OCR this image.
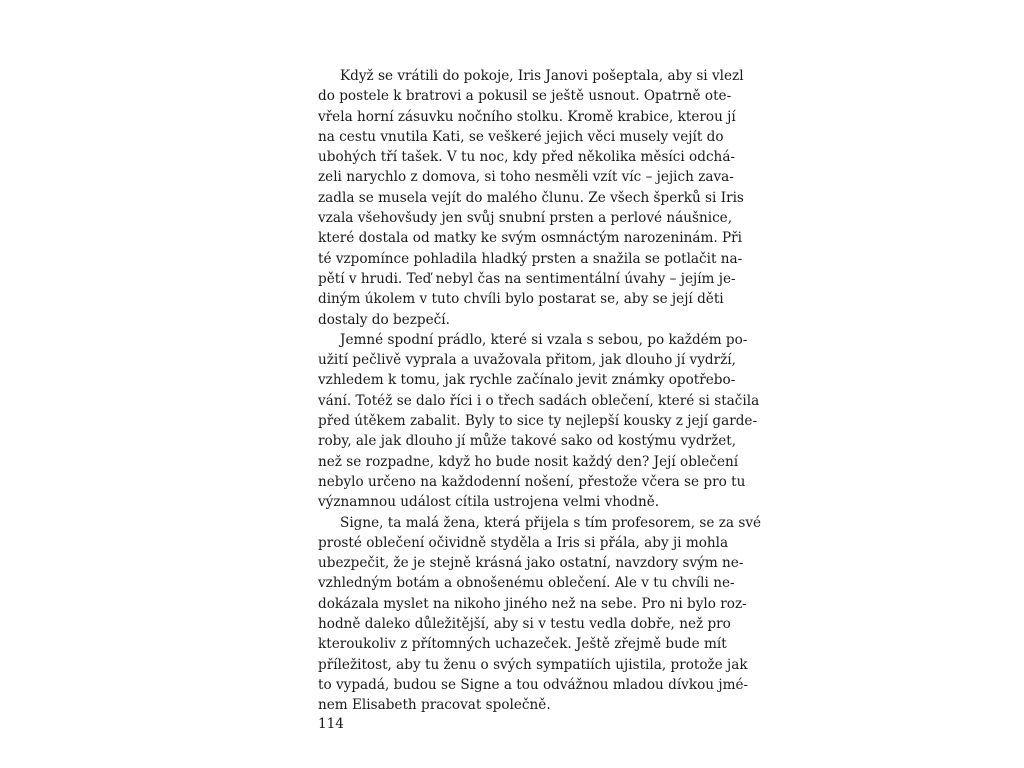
Když se vrátili do pokoje, Iris Janovi pošeptala, aby si vlezl
do postele k bratrovi a pokusil se ještě usnout. Opatrně ote-
vřela horní zásuvku nočního stolku. Kromě krabice, kterou jí
na cestu vnutila Kati, se veškeré jejich věci musely vejít do
ubohých tří tašek. V tu noc, kdy před několika měsíci odchá-
zeli narychlo z domova, si toho nesměli vzít víc – jejich zava-
zadla se musela vejít do malého člunu. Ze všech šperků si Iris
vzala všehovšudy jen svůj snubní prsten a perlové náušnice,
které dostala od matky ke svým osmnáctým narozeninám. Při
té vzpomínce pohladila hladký prsten a snažila se potlačit na-
pětí v hrudi. Teď nebyl čas na sentimentální úvahy – jejím je-
diným úkolem v tuto chvíli bylo postarat se, aby se její děti
dostaly do bezpečí.

Jemné spodní prádlo, které si vzala s sebou, po každém po-
užití pečlivě vyprala a uvažovala přitom, jak dlouho jí vydrží,
vzhledem k tomu, jak rychle začínalo jevit známky opotřebo-
vání. Totéž se dalo říci i o třech sadách oblečení, které si stačila
před útěkem zabalit. Byly to sice ty nejlepší kousky z její garde-
roby, ale jak dlouho jí může takové sako od kostýmu vydržet,
než se rozpadne, když ho bude nosit každý den? Její oblečení
nebylo určeno na každodenní nošení, přestože včera se pro tu
významnou událost cítila ustrojena velmi vhodně.

Signe, ta malá žena, která přijela s tím profesorem, se za své
prosté oblečení očividně styděla a Iris si přála, aby ji mohla
ubezpečit, že je stejně krásná jako ostatní, navzdory svým ne-
vzhledným botám a obnošenému oblečení. Ale v tu chvíli ne-
dokázala myslet na nikoho jiného než na sebe. Pro ni bylo roz-
hodně daleko důležitější, aby si v testu vedla dobře, než pro
kteroukoliv z přítomných uchazeček. Ještě zřejmě bude mít
příležitost, aby tu ženu o svých sympatiích ujistila, protože jak
to vypadá, budou se Signe a tou odvážnou mladou dívkou jmé-
nem Elisabeth pracovat společně.

114
